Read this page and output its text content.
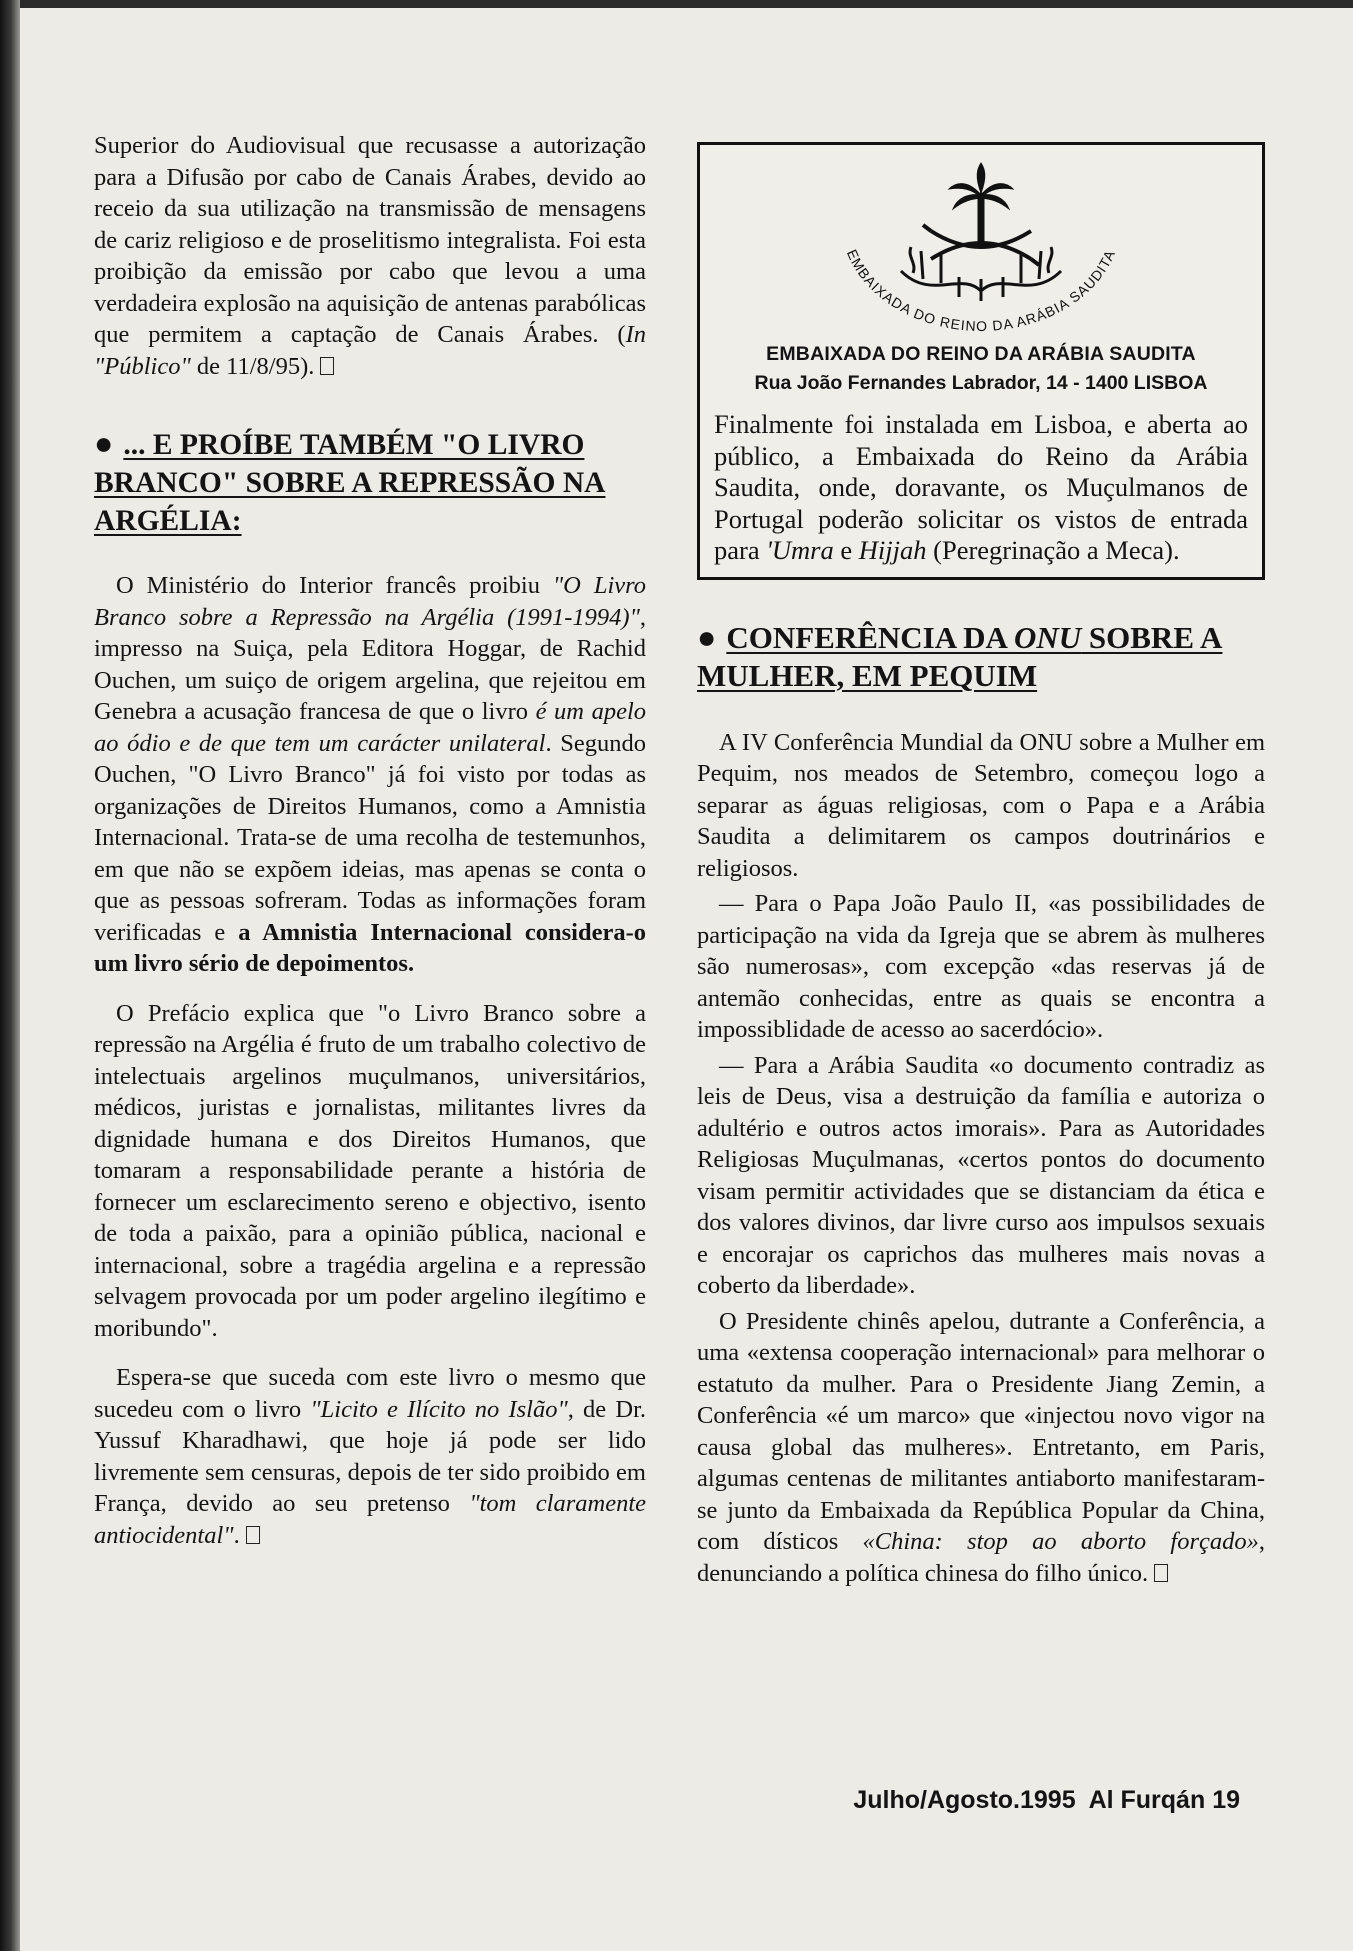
Superior do Audiovisual que recusasse a autorização para a Difusão por cabo de Canais Árabes, devido ao receio da sua utilização na transmissão de mensagens de cariz religioso e de proselitismo integralista. Foi esta proibição da emissão por cabo que levou a uma verdadeira explosão na aquisição de antenas parabólicas que permitem a captação de Canais Árabes. (In "Público" de 11/8/95).

● ... E PROÍBE TAMBÉM "O LIVRO BRANCO" SOBRE A REPRESSÃO NA ARGÉLIA:

O Ministério do Interior francês proibiu "O Livro Branco sobre a Repressão na Argélia (1991-1994)", impresso na Suiça, pela Editora Hoggar, de Rachid Ouchen, um suiço de origem argelina, que rejeitou em Genebra a acusação francesa de que o livro é um apelo ao ódio e de que tem um carácter unilateral. Segundo Ouchen, "O Livro Branco" já foi visto por todas as organizações de Direitos Humanos, como a Amnistia Internacional. Trata-se de uma recolha de testemunhos, em que não se expõem ideias, mas apenas se conta o que as pessoas sofreram. Todas as informações foram verificadas e a Amnistia Internacional considera-o um livro sério de depoimentos.

O Prefácio explica que "o Livro Branco sobre a repressão na Argélia é fruto de um trabalho colectivo de intelectuais argelinos muçulmanos, universitários, médicos, juristas e jornalistas, militantes livres da dignidade humana e dos Direitos Humanos, que tomaram a responsabilidade perante a história de fornecer um esclarecimento sereno e objectivo, isento de toda a paixão, para a opinião pública, nacional e internacional, sobre a tragédia argelina e a repressão selvagem provocada por um poder argelino ilegítimo e moribundo".

Espera-se que suceda com este livro o mesmo que sucedeu com o livro "Licito e Ilícito no Islão", de Dr. Yussuf Kharadhawi, que hoje já pode ser lido livremente sem censuras, depois de ter sido proibido em França, devido ao seu pretenso "tom claramente antiocidental".

EMBAIXADA DO REINO DA ARÁBIA SAUDITA

EMBAIXADA DO REINO DA ARÁBIA SAUDITA

Rua João Fernandes Labrador, 14 - 1400 LISBOA

Finalmente foi instalada em Lisboa, e aberta ao público, a Embaixada do Reino da Arábia Saudita, onde, doravante, os Muçulmanos de Portugal poderão solicitar os vistos de entrada para 'Umra e Hijjah (Peregrinação a Meca).

● CONFERÊNCIA DA ONU SOBRE A MULHER, EM PEQUIM

A IV Conferência Mundial da ONU sobre a Mulher em Pequim, nos meados de Setembro, começou logo a separar as águas religiosas, com o Papa e a Arábia Saudita a delimitarem os campos doutrinários e religiosos.

— Para o Papa João Paulo II, «as possibilidades de participação na vida da Igreja que se abrem às mulheres são numerosas», com excepção «das reservas já de antemão conhecidas, entre as quais se encontra a impossiblidade de acesso ao sacerdócio».

— Para a Arábia Saudita «o documento contradiz as leis de Deus, visa a destruição da família e autoriza o adultério e outros actos imorais». Para as Autoridades Religiosas Muçulmanas, «certos pontos do documento visam permitir actividades que se distanciam da ética e dos valores divinos, dar livre curso aos impulsos sexuais e encorajar os caprichos das mulheres mais novas a coberto da liberdade».

O Presidente chinês apelou, dutrante a Conferência, a uma «extensa cooperação internacional» para melhorar o estatuto da mulher. Para o Presidente Jiang Zemin, a Conferência «é um marco» que «injectou novo vigor na causa global das mulheres». Entretanto, em Paris, algumas centenas de militantes antiaborto manifestaram-se junto da Embaixada da República Popular da China, com dísticos «China: stop ao aborto forçado», denunciando a política chinesa do filho único.

Julho/Agosto.1995 Al Furqán 19
